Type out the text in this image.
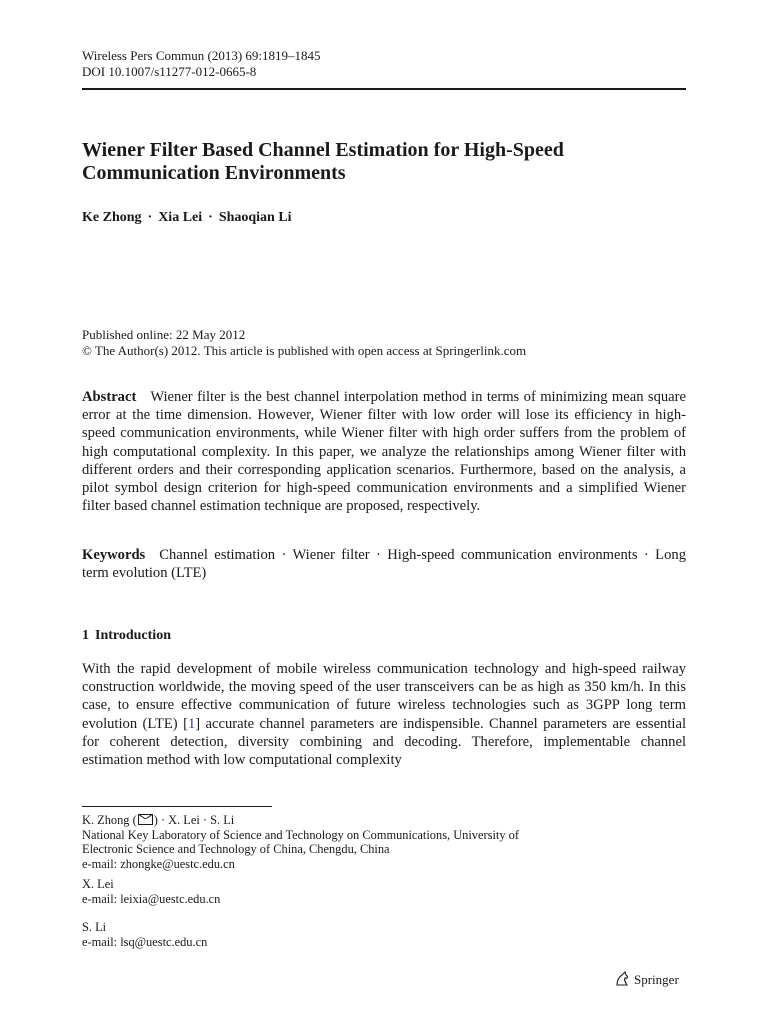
Wireless Pers Commun (2013) 69:1819–1845
DOI 10.1007/s11277-012-0665-8
Wiener Filter Based Channel Estimation for High-Speed
Communication Environments
Ke Zhong · Xia Lei · Shaoqian Li
Published online: 22 May 2012
© The Author(s) 2012. This article is published with open access at Springerlink.com
Abstract Wiener filter is the best channel interpolation method in terms of minimizing mean square error at the time dimension. However, Wiener filter with low order will lose its efficiency in high-speed communication environments, while Wiener filter with high order suffers from the problem of high computational complexity. In this paper, we analyze the relationships among Wiener filter with different orders and their corresponding application scenarios. Furthermore, based on the analysis, a pilot symbol design criterion for high-speed communication environments and a simplified Wiener filter based channel estimation technique are proposed, respectively.
Keywords Channel estimation · Wiener filter · High-speed communication environments · Long term evolution (LTE)
1 Introduction
With the rapid development of mobile wireless communication technology and high-speed railway construction worldwide, the moving speed of the user transceivers can be as high as 350 km/h. In this case, to ensure effective communication of future wireless technologies such as 3GPP long term evolution (LTE) [1] accurate channel parameters are indispensible. Channel parameters are essential for coherent detection, diversity combining and decoding. Therefore, implementable channel estimation method with low computational complexity
K. Zhong ( ) · X. Lei · S. Li
National Key Laboratory of Science and Technology on Communications, University of
Electronic Science and Technology of China, Chengdu, China
e-mail: zhongke@uestc.edu.cn
X. Lei
e-mail: leixia@uestc.edu.cn
S. Li
e-mail: lsq@uestc.edu.cn
Springer
